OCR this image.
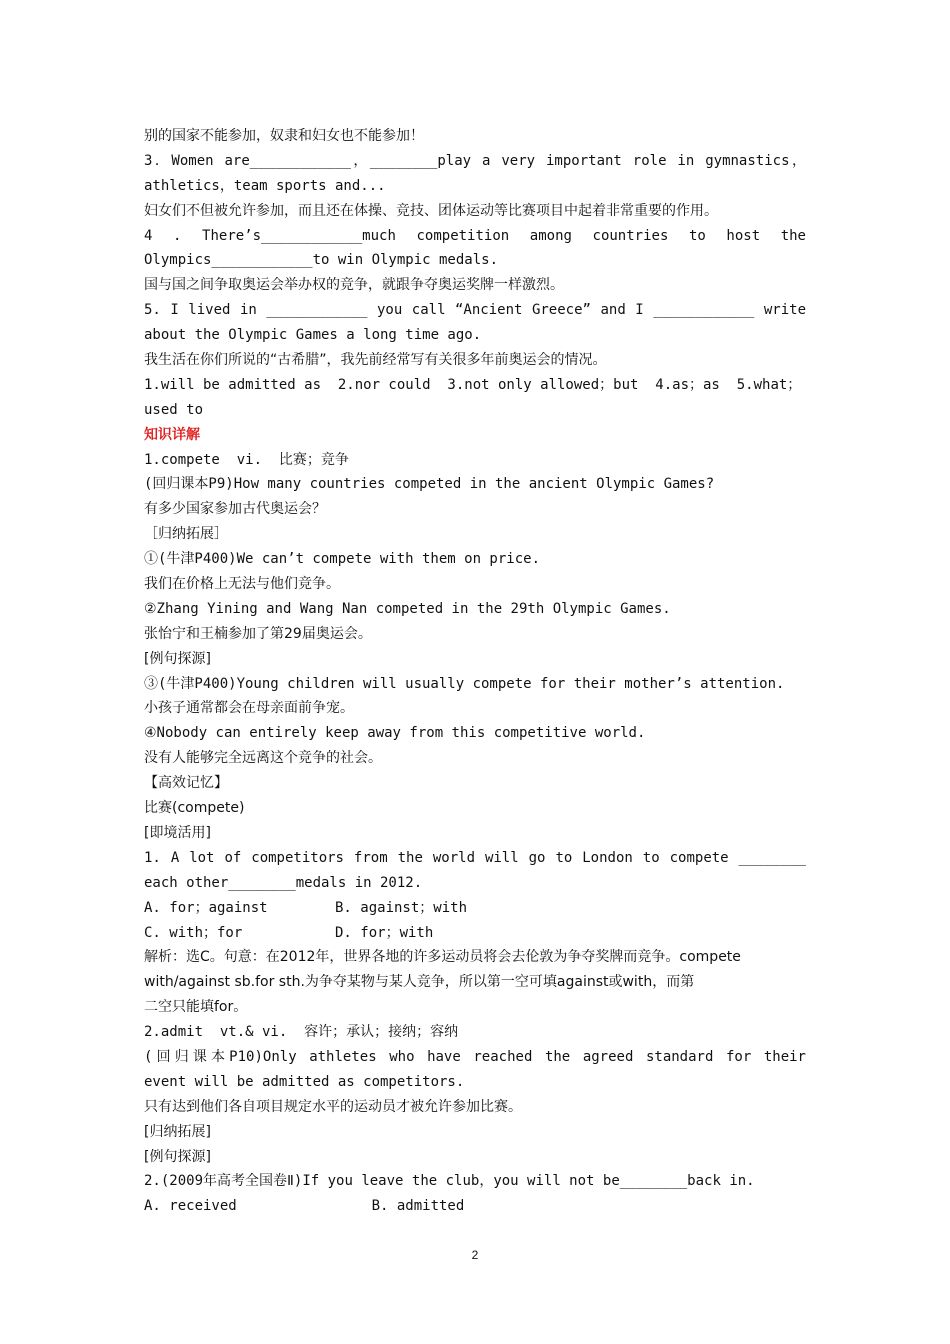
别的国家不能参加，奴隶和妇女也不能参加！
3．Women are____________，________play a very important role in gymnastics，
athletics，team sports and...
妇女们不但被允许参加，而且还在体操、竞技、团体运动等比赛项目中起着非常重要的作用。
4 . There’s____________much competition among countries to host the
Olympics____________to win Olympic medals.
国与国之间争取奥运会举办权的竞争，就跟争夺奥运奖牌一样激烈。
5. I lived in ____________ you call “Ancient Greece” and I ____________ write
about the Olympic Games a long time ago.
我生活在你们所说的“古希腊”，我先前经常写有关很多年前奥运会的情况。
1.will be admitted as  2.nor could  3.not only allowed；but  4.as；as  5.what；
used to
知识详解
1.compete  vi.  比赛；竞争
(回归课本P9)How many countries competed in the ancient Olympic Games?
有多少国家参加古代奥运会？
［归纳拓展］
①(牛津P400)We can’t compete with them on price.
我们在价格上无法与他们竞争。
②Zhang Yining and Wang Nan competed in the 29th Olympic Games.
张怡宁和王楠参加了第29届奥运会。
[例句探源]
③(牛津P400)Young children will usually compete for their mother’s attention.
小孩子通常都会在母亲面前争宠。
④Nobody can entirely keep away from this competitive world.
没有人能够完全远离这个竞争的社会。
【高效记忆】
比赛(compete)
[即境活用]
1. A lot of competitors from the world will go to London to compete ________
each other________medals in 2012.
A. for；against        B. against；with
C. with；for           D. for；with
解析：选C。句意：在2012年，世界各地的许多运动员将会去伦敦为争夺奖牌而竞争。compete
with/against sb.for sth.为争夺某物与某人竞争，所以第一空可填against或with，而第
二空只能填for。
2.admit  vt.& vi.  容许；承认；接纳；容纳
(回归课本P10)Only athletes who have reached the agreed standard for their
event will be admitted as competitors.
只有达到他们各自项目规定水平的运动员才被允许参加比赛。
[归纳拓展]
[例句探源]
2.(2009年高考全国卷Ⅱ)If you leave the club，you will not be________back in.
A. received                B. admitted
2
